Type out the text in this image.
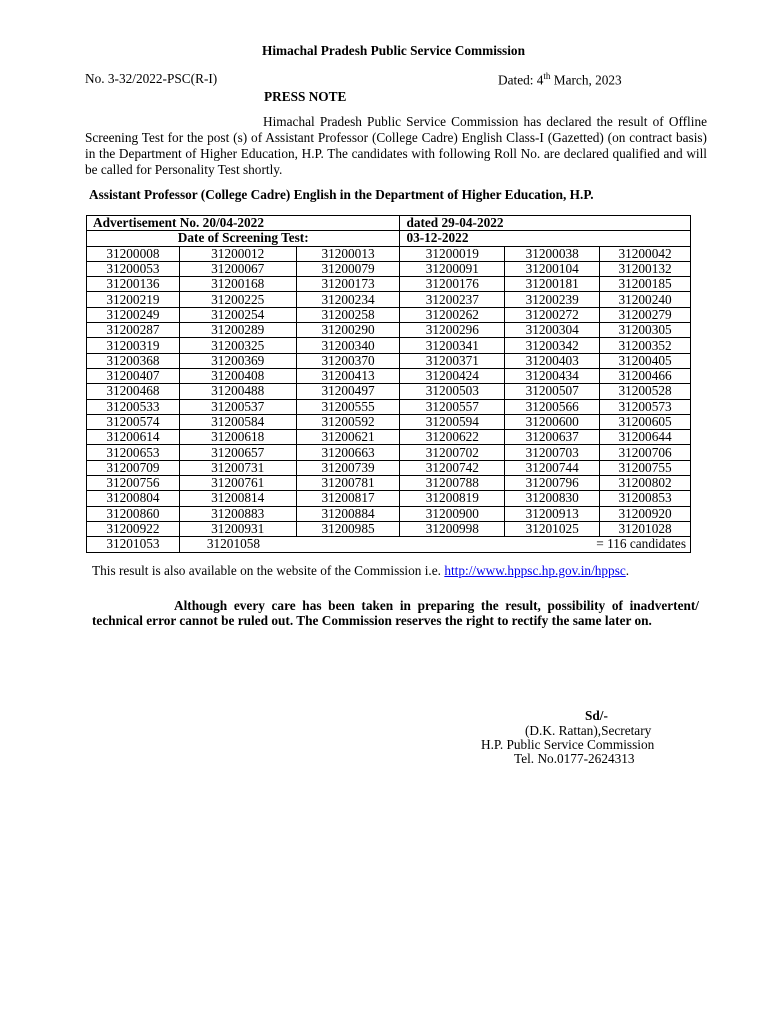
Himachal Pradesh Public Service Commission
No. 3-32/2022-PSC(R-I)	Dated: 4th March, 2023
PRESS NOTE
Himachal Pradesh Public Service Commission has declared the result of Offline Screening Test for the post (s) of Assistant Professor (College Cadre) English Class-I (Gazetted) (on contract basis) in the Department of Higher Education, H.P. The candidates with following Roll No. are declared qualified and will be called for Personality Test shortly.
Assistant Professor (College Cadre) English in the Department of Higher Education, H.P.
Advertisement No. 20/04-2022			dated 29-04-2022		
Date of Screening Test:			03-12-2022		
31200008	31200012	31200013	31200019	31200038	31200042
31200053	31200067	31200079	31200091	31200104	31200132
31200136	31200168	31200173	31200176	31200181	31200185
31200219	31200225	31200234	31200237	31200239	31200240
31200249	31200254	31200258	31200262	31200272	31200279
31200287	31200289	31200290	31200296	31200304	31200305
31200319	31200325	31200340	31200341	31200342	31200352
31200368	31200369	31200370	31200371	31200403	31200405
31200407	31200408	31200413	31200424	31200434	31200466
31200468	31200488	31200497	31200503	31200507	31200528
31200533	31200537	31200555	31200557	31200566	31200573
31200574	31200584	31200592	31200594	31200600	31200605
31200614	31200618	31200621	31200622	31200637	31200644
31200653	31200657	31200663	31200702	31200703	31200706
31200709	31200731	31200739	31200742	31200744	31200755
31200756	31200761	31200781	31200788	31200796	31200802
31200804	31200814	31200817	31200819	31200830	31200853
31200860	31200883	31200884	31200900	31200913	31200920
31200922	31200931	31200985	31200998	31201025	31201028
31201053	31201058 = 116 candidates				
This result is also available on the website of the Commission i.e. http://www.hppsc.hp.gov.in/hppsc.
Although every care has been taken in preparing the result, possibility of inadvertent/ technical error cannot be ruled out. The Commission reserves the right to rectify the same later on.
Sd/-
(D.K. Rattan),Secretary
H.P. Public Service Commission
Tel. No.0177-2624313
